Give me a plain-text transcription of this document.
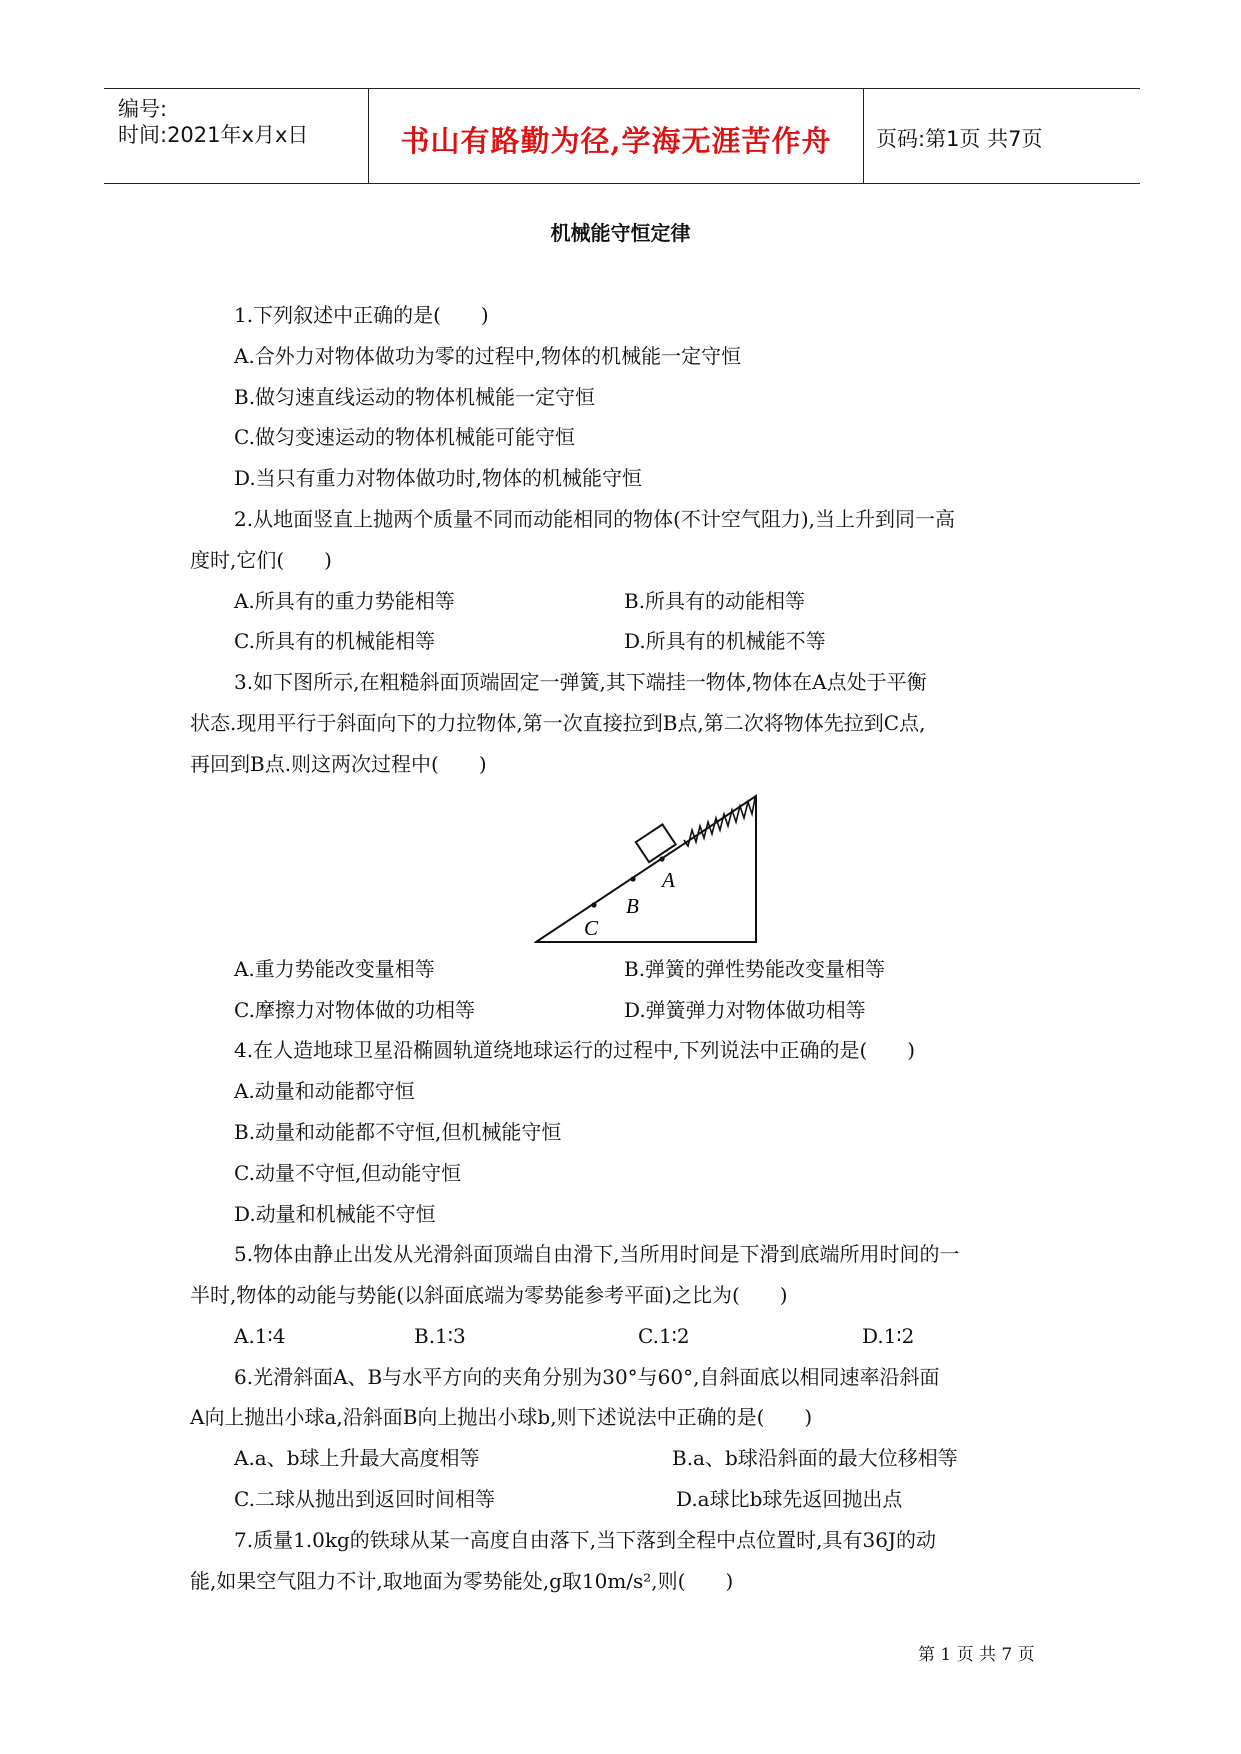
编号:
时间:2021年x月x日	书山有路勤为径,学海无涯苦作舟	页码:第1页 共7页
机械能守恒定律
1.下列叙述中正确的是(　　)
A.合外力对物体做功为零的过程中,物体的机械能一定守恒
B.做匀速直线运动的物体机械能一定守恒
C.做匀变速运动的物体机械能可能守恒
D.当只有重力对物体做功时,物体的机械能守恒
2.从地面竖直上抛两个质量不同而动能相同的物体(不计空气阻力),当上升到同一高
度时,它们(　　)
A.所具有的重力势能相等	B.所具有的动能相等
C.所具有的机械能相等	D.所具有的机械能不等
3.如下图所示,在粗糙斜面顶端固定一弹簧,其下端挂一物体,物体在A点处于平衡
状态.现用平行于斜面向下的力拉物体,第一次直接拉到B点,第二次将物体先拉到C点,
再回到B点.则这两次过程中(　　)
A
B
C
A.重力势能改变量相等	B.弹簧的弹性势能改变量相等
C.摩擦力对物体做的功相等	D.弹簧弹力对物体做功相等
4.在人造地球卫星沿椭圆轨道绕地球运行的过程中,下列说法中正确的是(　　)
A.动量和动能都守恒
B.动量和动能都不守恒,但机械能守恒
C.动量不守恒,但动能守恒
D.动量和机械能不守恒
5.物体由静止出发从光滑斜面顶端自由滑下,当所用时间是下滑到底端所用时间的一
半时,物体的动能与势能(以斜面底端为零势能参考平面)之比为(　　)
A.1∶4	B.1∶3	C.1∶2	D.1∶2
6.光滑斜面A、B与水平方向的夹角分别为30°与60°,自斜面底以相同速率沿斜面
A向上抛出小球a,沿斜面B向上抛出小球b,则下述说法中正确的是(　　)
A.a、b球上升最大高度相等	B.a、b球沿斜面的最大位移相等
C.二球从抛出到返回时间相等	D.a球比b球先返回抛出点
7.质量1.0kg的铁球从某一高度自由落下,当下落到全程中点位置时,具有36J的动
能,如果空气阻力不计,取地面为零势能处,g取10m/s²,则(　　)
第 1 页 共 7 页
